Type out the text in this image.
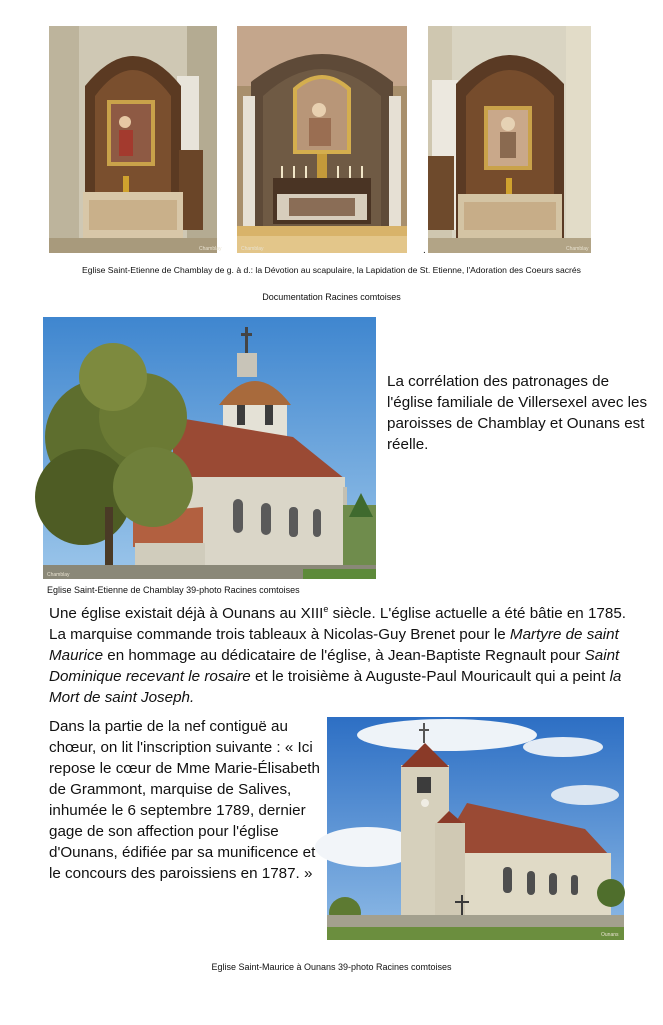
Chamblay	Chamblay	Chamblay
.
Eglise Saint-Etienne de Chamblay de g. à d.: la Dévotion au scapulaire, la Lapidation de St. Etienne, l'Adoration des Coeurs sacrés
Documentation Racines comtoises
Chamblay
La corrélation des patronages de l'église familiale de Villersexel avec les paroisses de Chamblay et Ounans est réelle.
Eglise Saint-Etienne de Chamblay 39-photo Racines comtoises
Une église existait déjà à Ounans au XIIIe siècle. L'église actuelle a été bâtie en 1785. La marquise commande trois tableaux à Nicolas-Guy Brenet pour le Martyre de saint Maurice en hommage au dédicataire de l'église, à Jean-Baptiste Regnault pour Saint Dominique recevant le rosaire et le troisième à Auguste-Paul Mouricault qui a peint la Mort de saint Joseph.
Dans la partie de la nef contiguë au chœur, on lit l'inscription suivante : « Ici repose le cœur de Mme Marie-Élisabeth de Grammont, marquise de Salives, inhumée le 6 septembre 1789, dernier gage de son affection pour l'église d'Ounans, édifiée par sa munificence et le concours des paroissiens en 1787. »
Ounans
Eglise Saint-Maurice à Ounans 39-photo Racines comtoises
